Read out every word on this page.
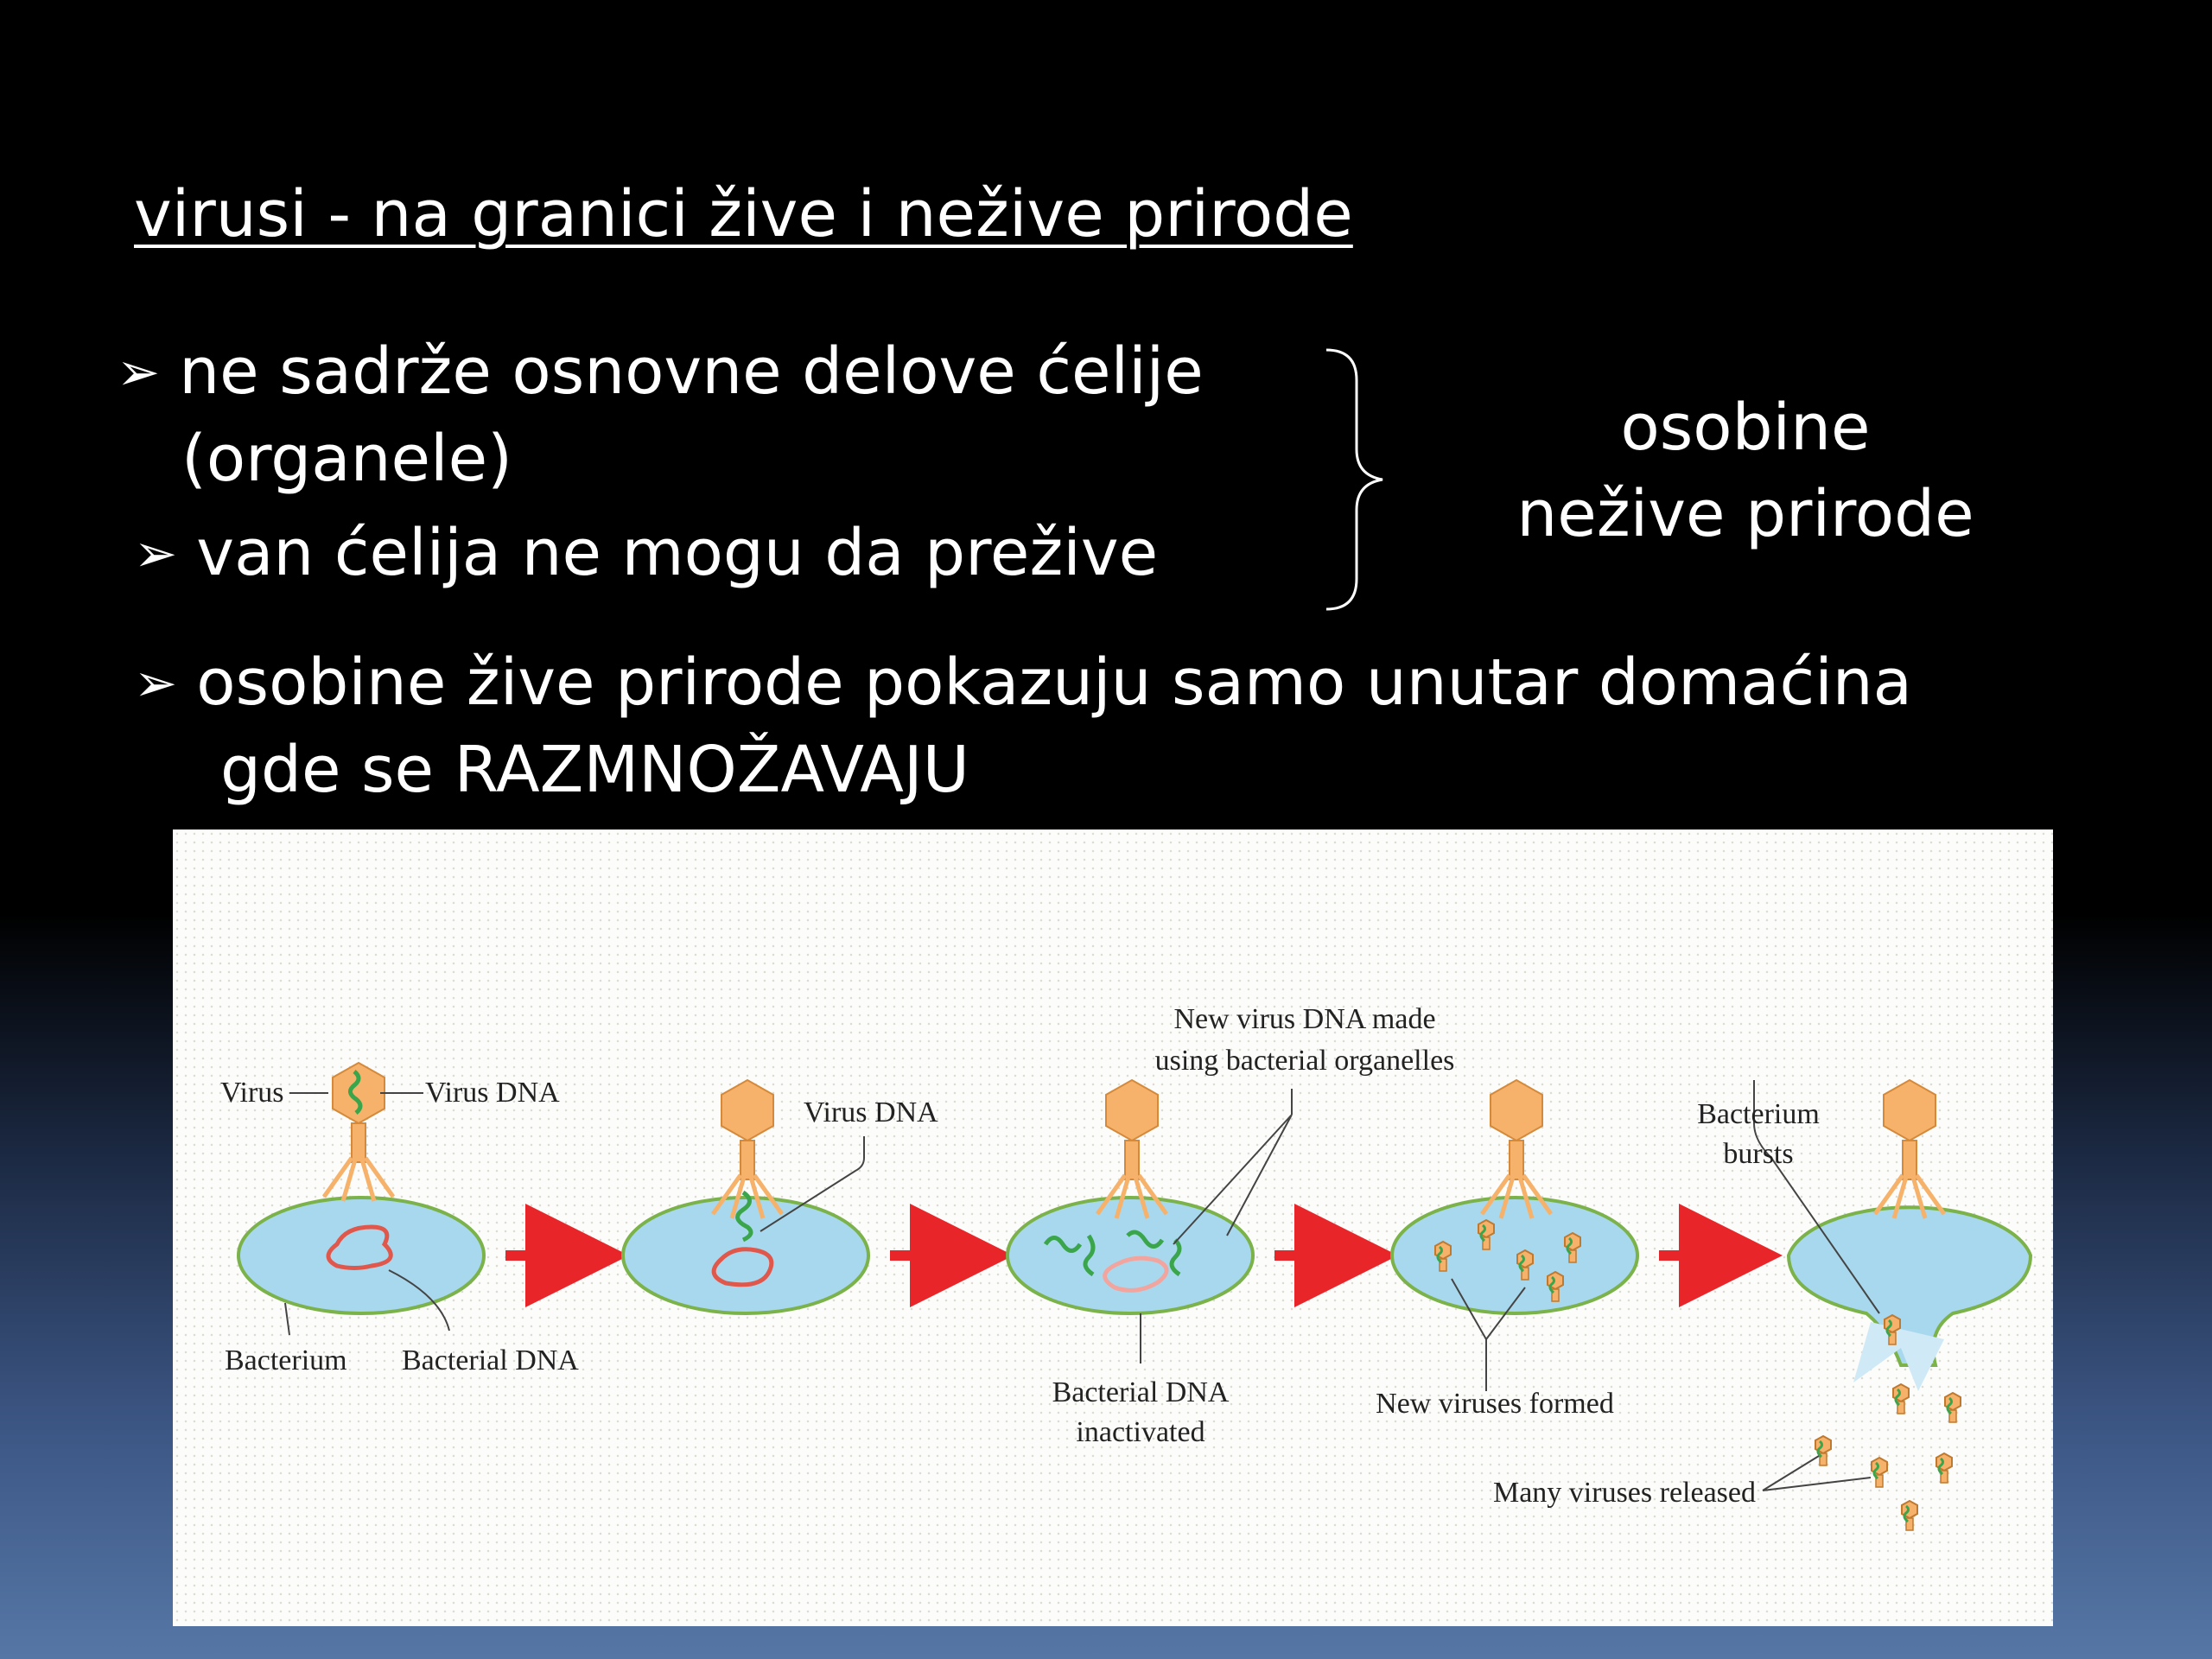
virusi - na granici žive i nežive prirode
➢ ne sadrže osnovne delove ćelije
(organele)
➢ van ćelija ne mogu da prežive
➢ osobine žive prirode pokazuju samo unutar domaćina
gde se RAZMNOŽAVAJU
osobine
nežive prirode
Virus	Virus DNA
Bacterium Bacterial DNA
Virus DNA
New virus DNA made
using bacterial organelles
Bacterial DNA
inactivated
New viruses formed
Bacterium
bursts
Many viruses released
